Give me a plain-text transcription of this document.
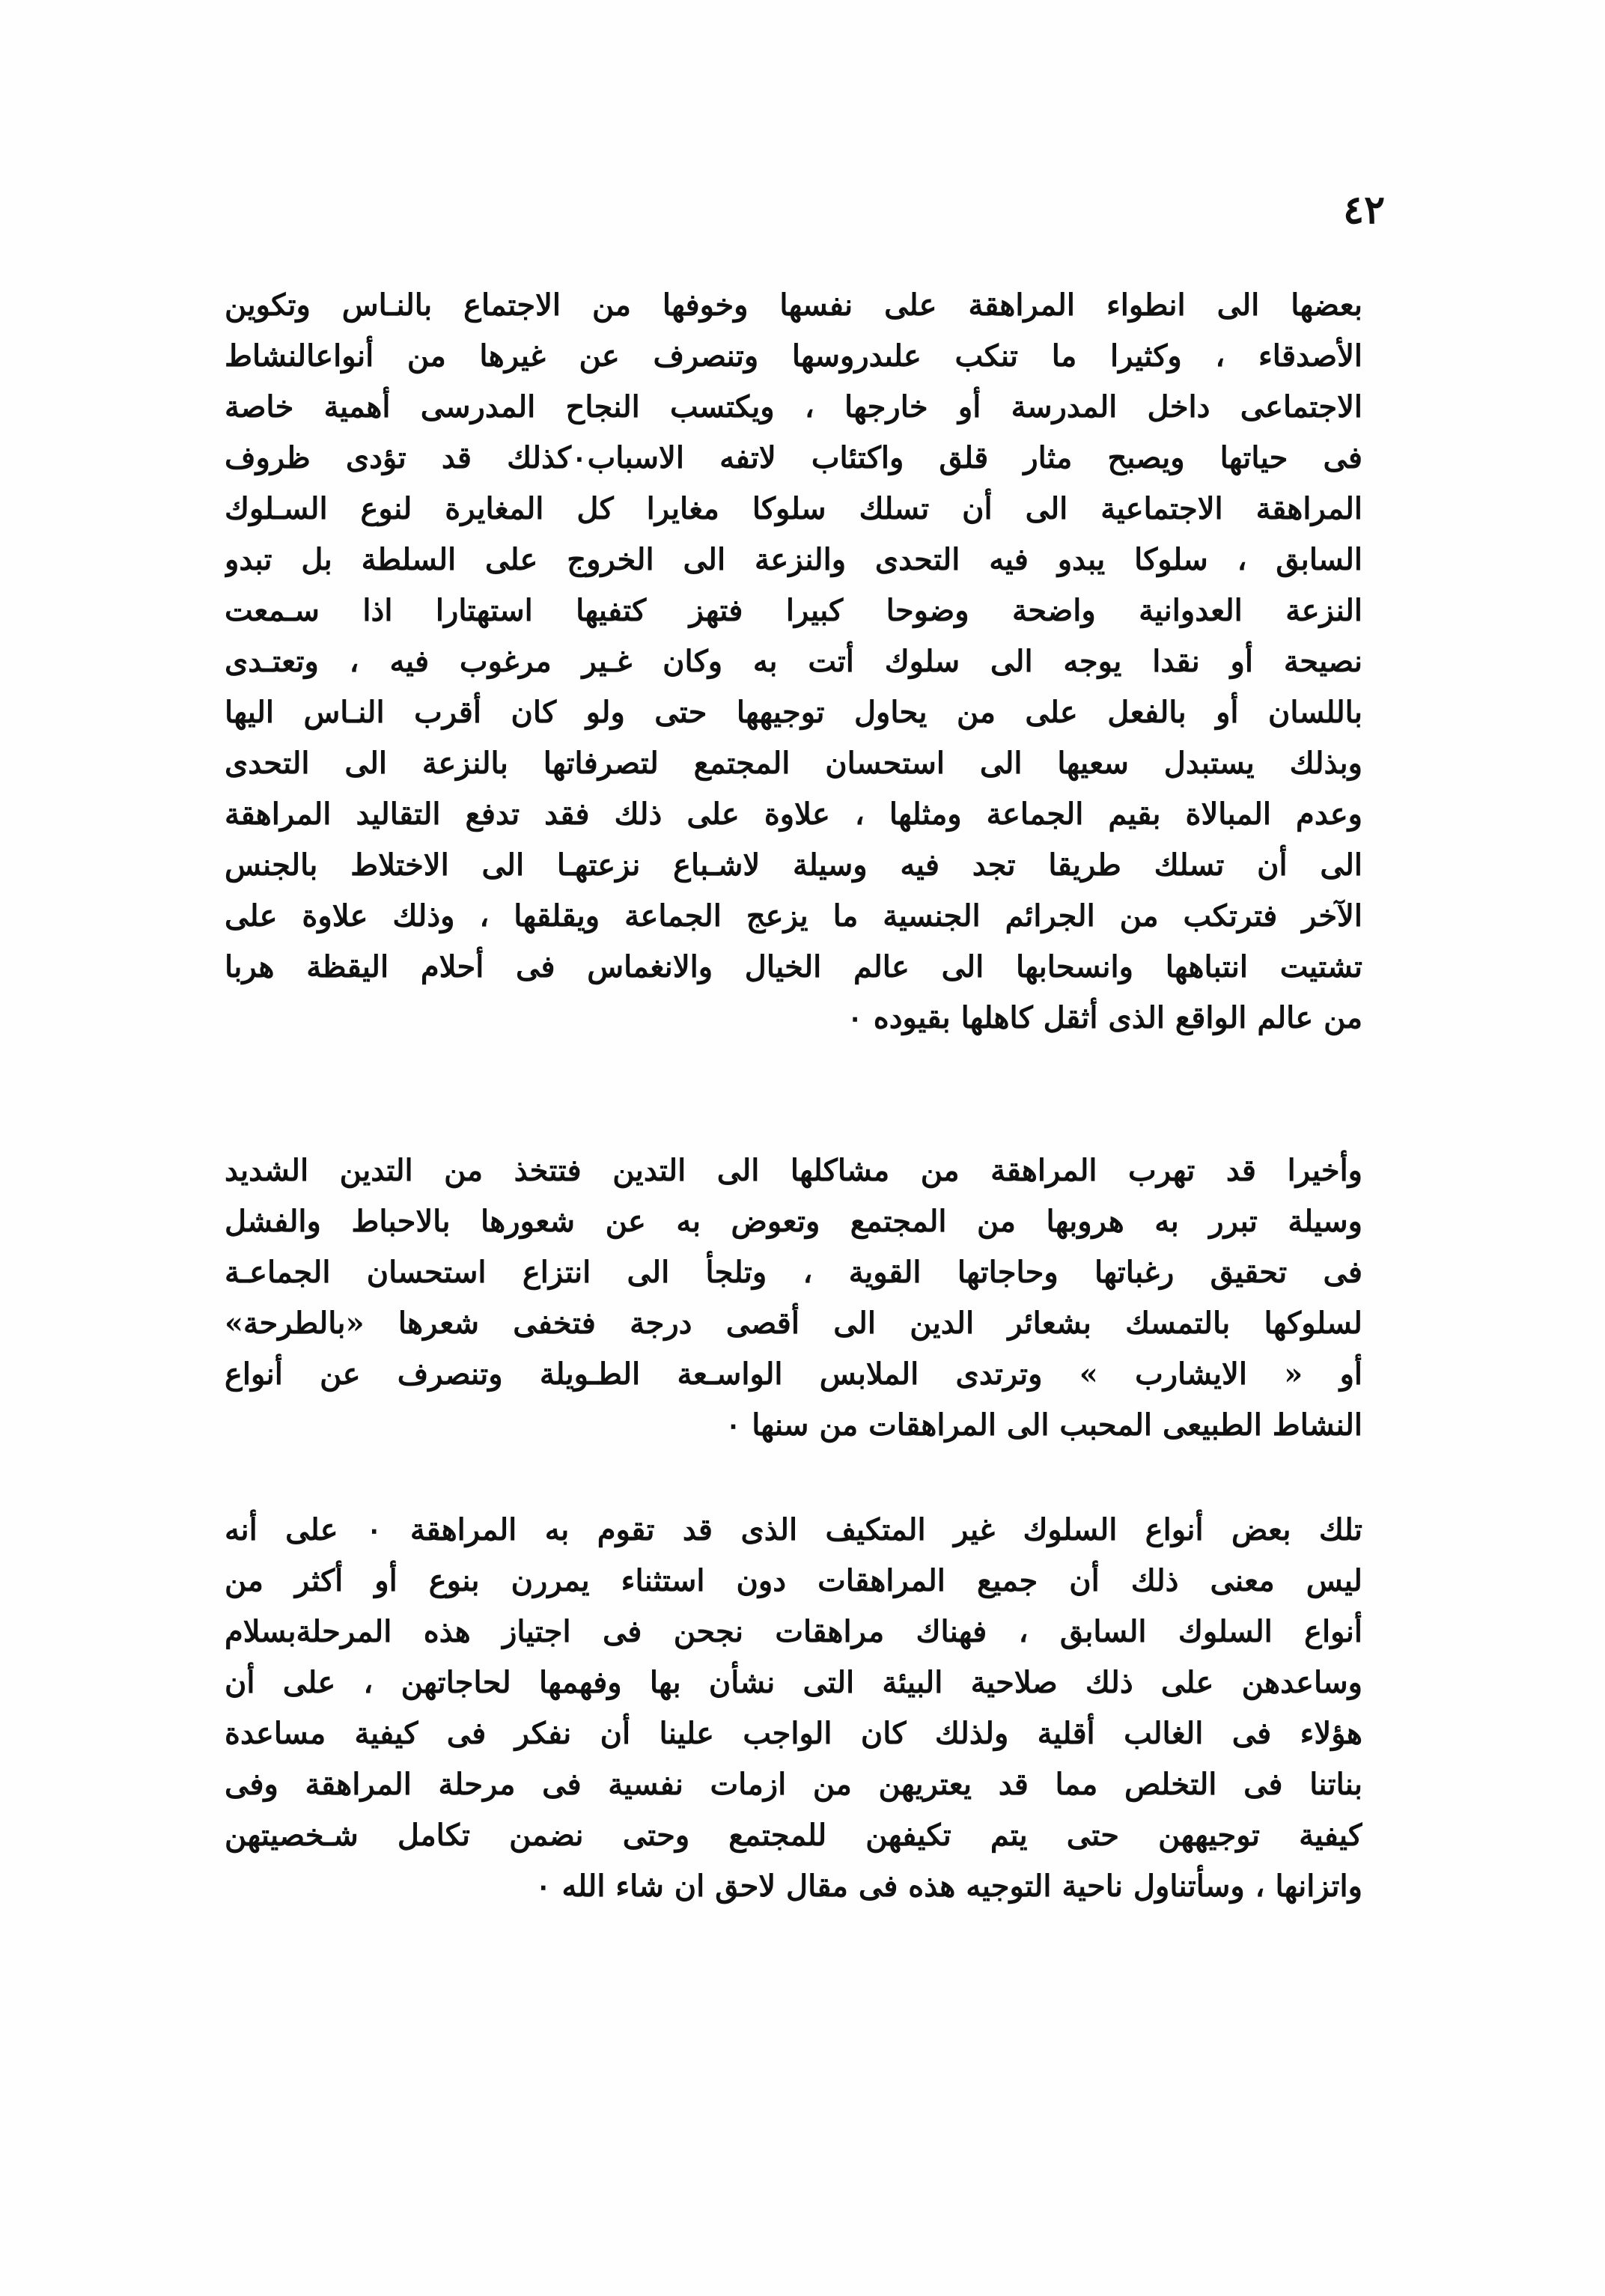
٤٢
بعضها الى انطواء المراهقة على نفسها وخوفها من الاجتماع بالنـاس وتكوين
الأصدقاء ، وكثيرا ما تنكب علىدروسها وتنصرف عن غيرها من أنواعالنشاط
الاجتماعى داخل المدرسة أو خارجها ، ويكتسب النجاح المدرسى أهمية خاصة
فى حياتها ويصبح مثار قلق واكتئاب لاتفه الاسباب٠كذلك قد تؤدى ظروف
المراهقة الاجتماعية الى أن تسلك سلوكا مغايرا كل المغايرة لنوع السـلوك
السابق ، سلوكا يبدو فيه التحدى والنزعة الى الخروج على السلطة بل تبدو
النزعة العدوانية واضحة وضوحا كبيرا فتهز كتفيها استهتارا اذا سـمعت
نصيحة أو نقدا يوجه الى سلوك أتت به وكان غـير مرغوب فيه ، وتعتـدى
باللسان أو بالفعل على من يحاول توجيهها حتى ولو كان أقرب النـاس اليها
وبذلك يستبدل سعيها الى استحسان المجتمع لتصرفاتها بالنزعة الى التحدى
وعدم المبالاة بقيم الجماعة ومثلها ، علاوة على ذلك فقد تدفع التقاليد المراهقة
الى أن تسلك طريقا تجد فيه وسيلة لاشـباع نزعتهـا الى الاختلاط بالجنس
الآخر فترتكب من الجرائم الجنسية ما يزعج الجماعة ويقلقها ، وذلك علاوة على
تشتيت انتباهها وانسحابها الى عالم الخيال والانغماس فى أحلام اليقظة هربا
من عالم الواقع الذى أثقل كاهلها بقيوده ٠
وأخيرا قد تهرب المراهقة من مشاكلها الى التدين فتتخذ من التدين الشديد
وسيلة تبرر به هروبها من المجتمع وتعوض به عن شعورها بالاحباط والفشل
فى تحقيق رغباتها وحاجاتها القوية ، وتلجأ الى انتزاع استحسان الجماعـة
لسلوكها بالتمسك بشعائر الدين الى أقصى درجة فتخفى شعرها «بالطرحة»
أو « الايشارب » وترتدى الملابس الواسـعة الطـويلة وتنصرف عن أنواع
النشاط الطبيعى المحبب الى المراهقات من سنها ٠
تلك بعض أنواع السلوك غير المتكيف الذى قد تقوم به المراهقة ٠ على أنه
ليس معنى ذلك أن جميع المراهقات دون استثناء يمررن بنوع أو أكثر من
أنواع السلوك السابق ، فهناك مراهقات نجحن فى اجتياز هذه المرحلةبسلام
وساعدهن على ذلك صلاحية البيئة التى نشأن بها وفهمها لحاجاتهن ، على أن
هؤلاء فى الغالب أقلية ولذلك كان الواجب علينا أن نفكر فى كيفية مساعدة
بناتنا فى التخلص مما قد يعتريهن من ازمات نفسية فى مرحلة المراهقة وفى
كيفية توجيههن حتى يتم تكيفهن للمجتمع وحتى نضمن تكامل شـخصيتهن
واتزانها ، وسأتناول ناحية التوجيه هذه فى مقال لاحق ان شاء الله ٠
